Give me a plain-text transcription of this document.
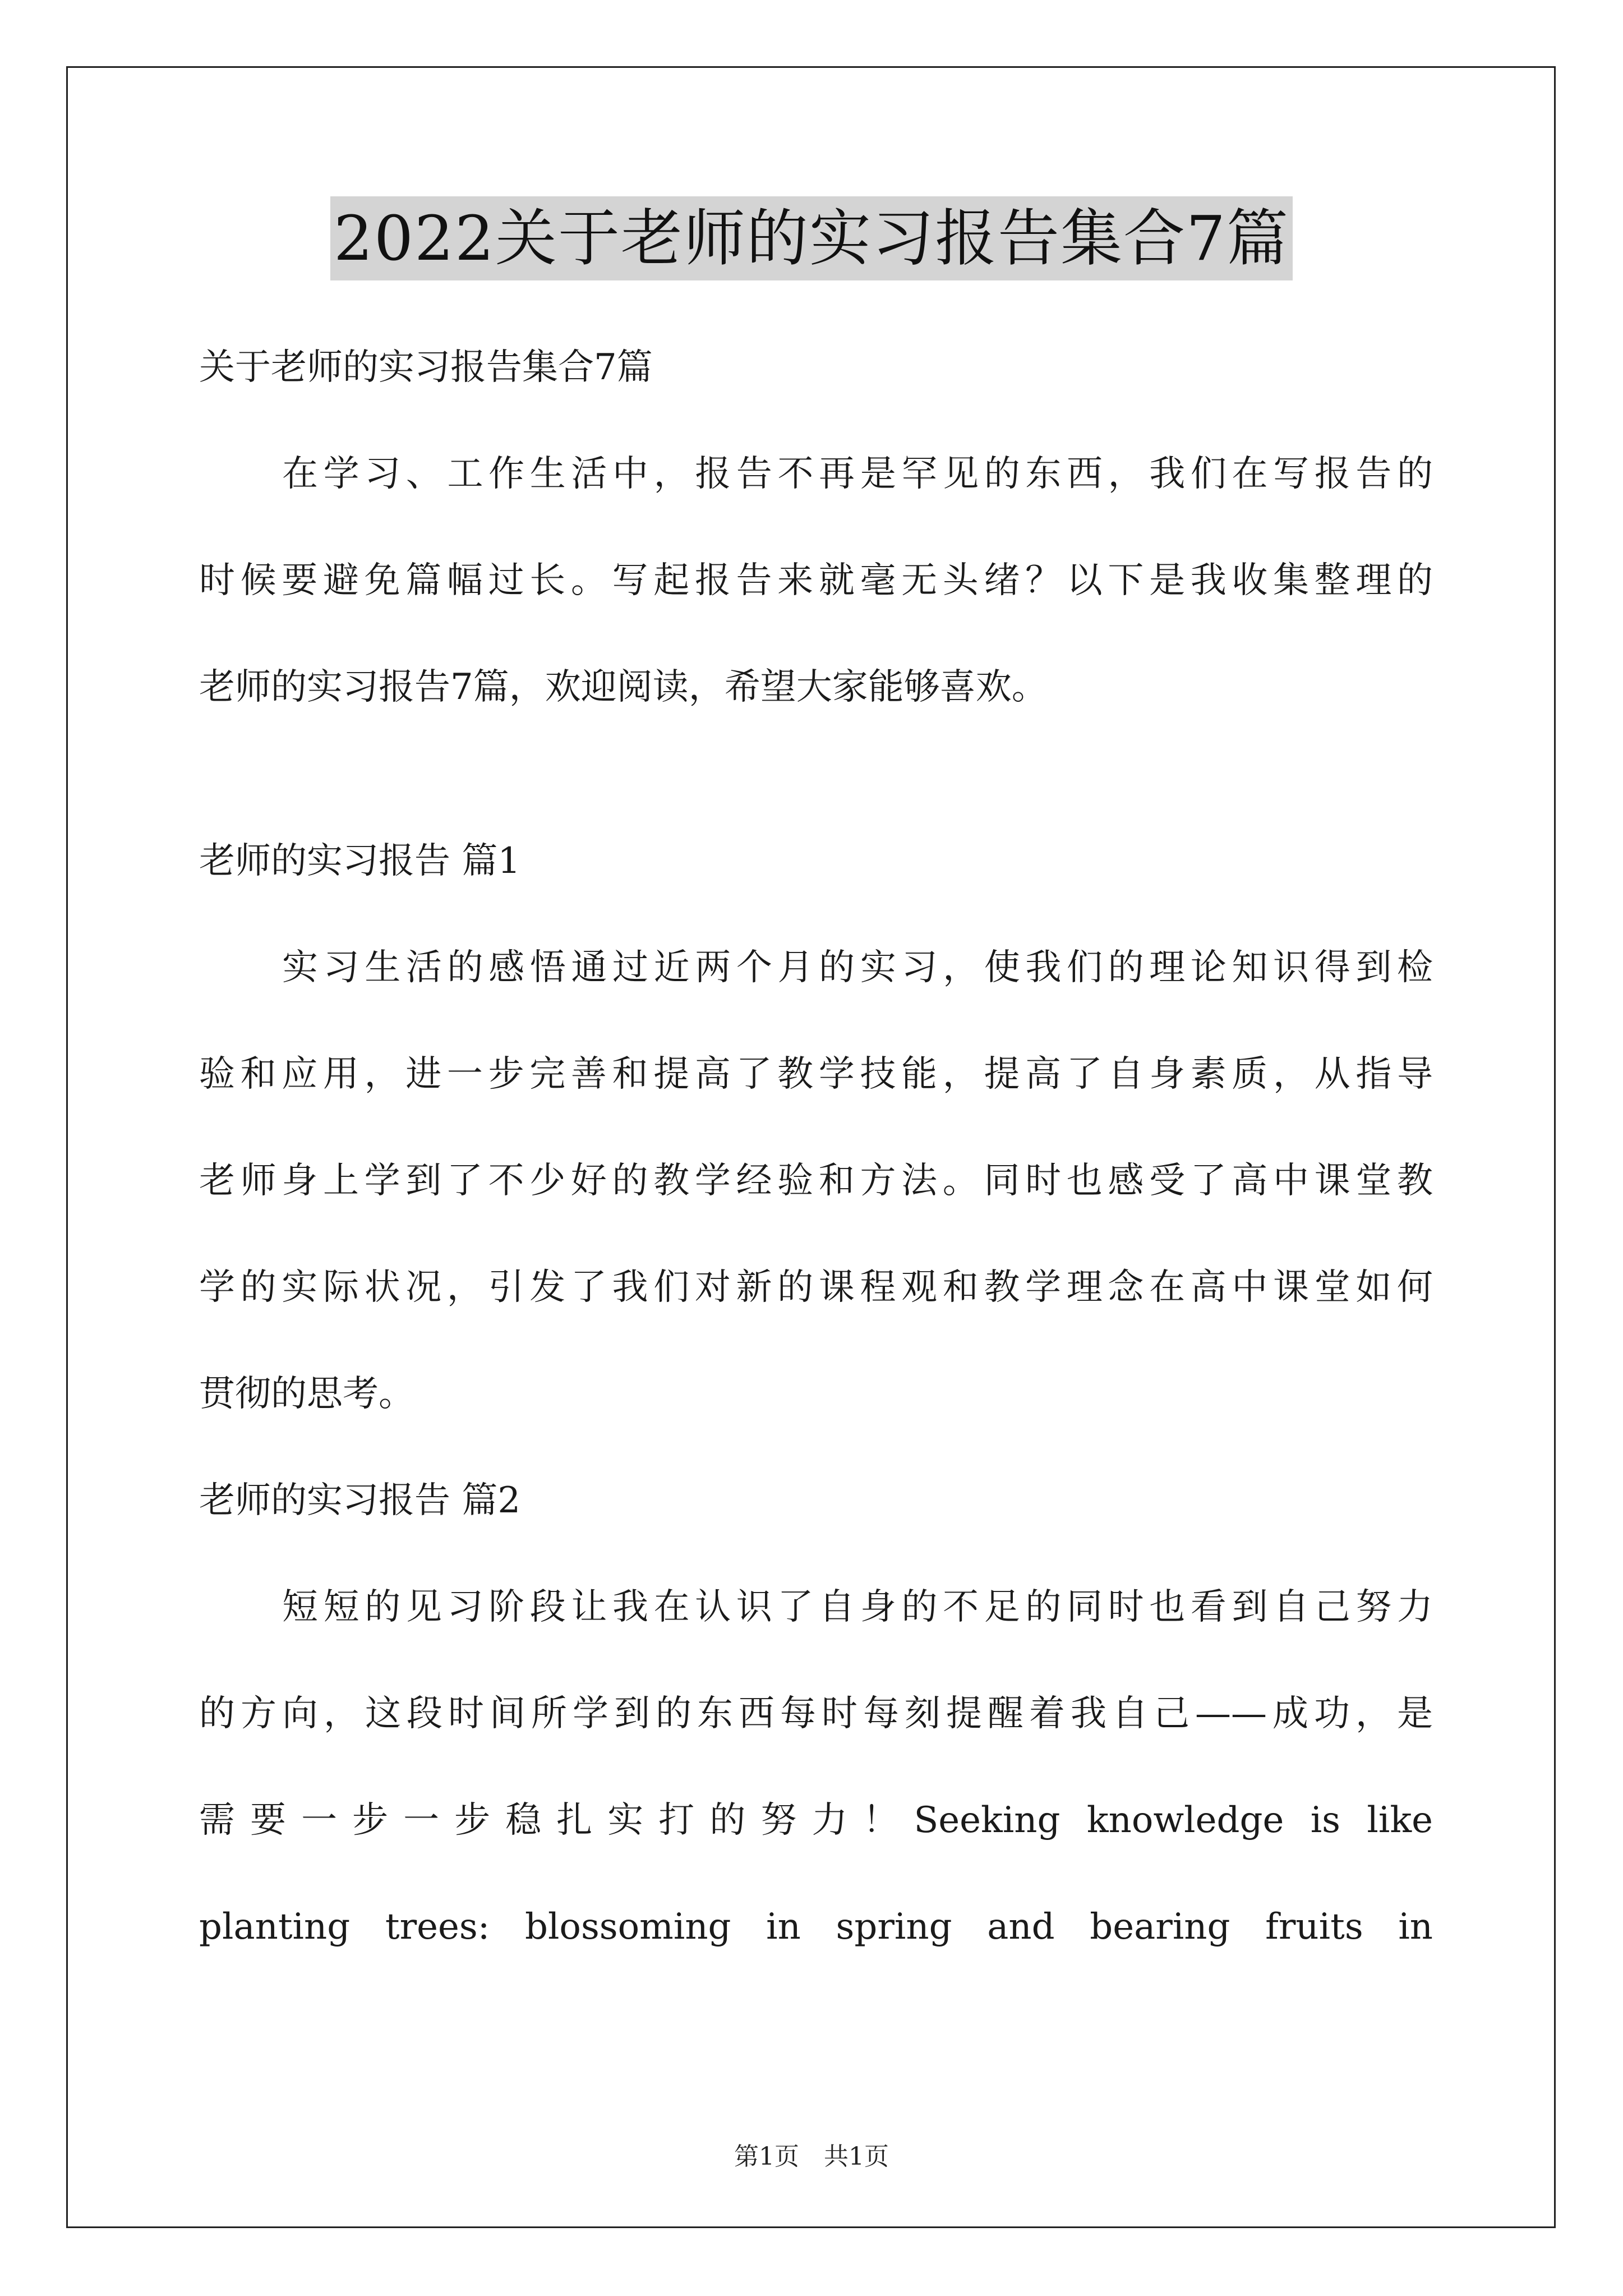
2022关于老师的实习报告集合7篇
关于老师的实习报告集合7篇
在学习、工作生活中，报告不再是罕见的东西，我们在写报告的
时候要避免篇幅过长。写起报告来就毫无头绪？以下是我收集整理的
老师的实习报告7篇，欢迎阅读，希望大家能够喜欢。
老师的实习报告 篇1
实习生活的感悟通过近两个月的实习，使我们的理论知识得到检
验和应用，进一步完善和提高了教学技能，提高了自身素质，从指导
老师身上学到了不少好的教学经验和方法。同时也感受了高中课堂教
学的实际状况，引发了我们对新的课程观和教学理念在高中课堂如何
贯彻的思考。
老师的实习报告 篇2
短短的见习阶段让我在认识了自身的不足的同时也看到自己努力
的方向，这段时间所学到的东西每时每刻提醒着我自己——成功，是
需要一步一步稳扎实打的努力！Seeking knowledge is like
planting trees: blossoming in spring and bearing fruits in
第1页　共1页
